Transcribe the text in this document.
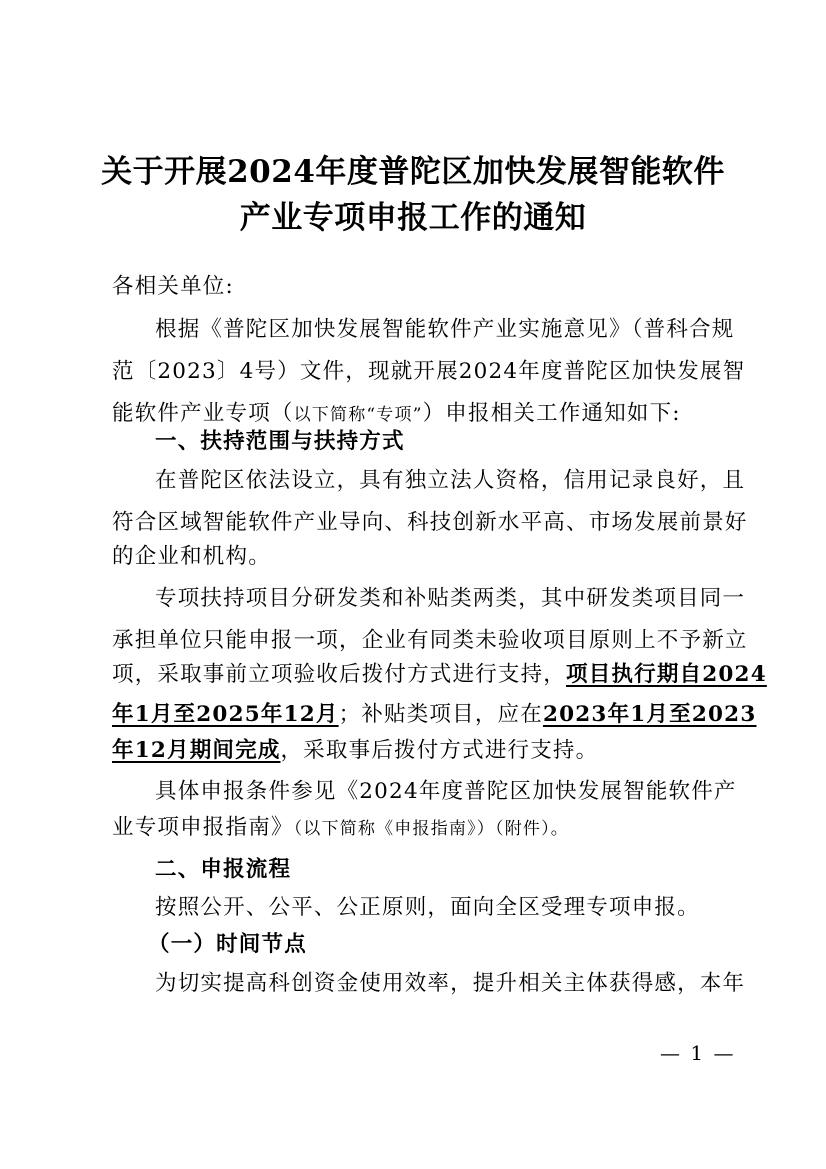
关于开展2024年度普陀区加快发展智能软件
产业专项申报工作的通知
各相关单位:
根据《普陀区加快发展智能软件产业实施意见》（普科合规
范〔2023〕4号）文件，现就开展2024年度普陀区加快发展智
能软件产业专项（以下简称“专项”）申报相关工作通知如下:
一、扶持范围与扶持方式
在普陀区依法设立，具有独立法人资格，信用记录良好，且
符合区域智能软件产业导向、科技创新水平高、市场发展前景好
的企业和机构。
专项扶持项目分研发类和补贴类两类，其中研发类项目同一
承担单位只能申报一项，企业有同类未验收项目原则上不予新立
项，采取事前立项验收后拨付方式进行支持，项目执行期自2024
年1月至2025年12月；补贴类项目，应在2023年1月至2023
年12月期间完成，采取事后拨付方式进行支持。
具体申报条件参见《2024年度普陀区加快发展智能软件产
业专项申报指南》（以下简称《申报指南》）（附件）。
二、申报流程
按照公开、公平、公正原则，面向全区受理专项申报。
（一）时间节点
为切实提高科创资金使用效率，提升相关主体获得感，本年
— 1 —
